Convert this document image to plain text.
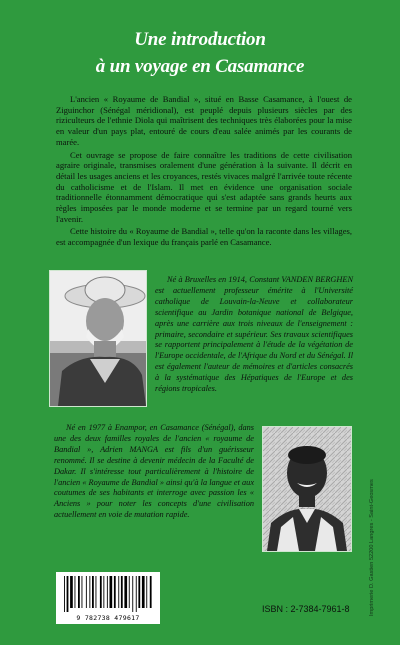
Une introduction
à un voyage en Casamance

L'ancien « Royaume de Bandial », situé en Basse Casamance, à l'ouest de Ziguinchor (Sénégal méridional), est peuplé depuis plusieurs siècles par des riziculteurs de l'ethnie Diola qui maîtrisent des techniques très élaborées pour la mise en valeur d'un pays plat, entouré de cours d'eau salée animés par les courants de marée.

Cet ouvrage se propose de faire connaître les traditions de cette civilisation agraire originale, transmises oralement d'une génération à la suivante. Il décrit en détail les usages anciens et les croyances, restés vivaces malgré l'arrivée toute récente du catholicisme et de l'Islam. Il met en évidence une organisation sociale traditionnelle étonnamment démocratique qui s'est adaptée sans grands heurts aux règles imposées par le monde moderne et se termine par un regard tourné vers l'avenir.

Cette histoire du « Royaume de Bandial », telle qu'on la raconte dans les villages, est accompagnée d'un lexique du français parlé en Casamance.

Né à Bruxelles en 1914, Constant VANDEN BERGHEN est actuellement professeur émérite à l'Université catholique de Louvain-la-Neuve et collaborateur scientifique au Jardin botanique national de Belgique, après une carrière aux trois niveaux de l'enseignement : primaire, secondaire et supérieur. Ses travaux scientifiques se rapportent principalement à l'étude de la végétation de l'Europe occidentale, de l'Afrique du Nord et du Sénégal. Il est également l'auteur de mémoires et d'articles consacrés à la systématique des Hépatiques de l'Europe et des régions tropicales.

Né en 1977 à Enampor, en Casamance (Sénégal), dans une des deux familles royales de l'ancien « royaume de Bandial », Adrien MANGA est fils d'un guérisseur renommé. Il se destine à devenir médecin de la Faculté de Dakar. Il s'intéresse tout particulièrement à l'histoire de l'ancien « Royaume de Bandial » ainsi qu'à la langue et aux coutumes de ses habitants et interroge avec passion les « Anciens » pour noter les concepts d'une civilisation actuellement en voie de mutation rapide.

9 782738 479617
ISBN : 2-7384-7961-8	Imprimerie D. Gastien 52200 Langres - Saint-Geosmes
